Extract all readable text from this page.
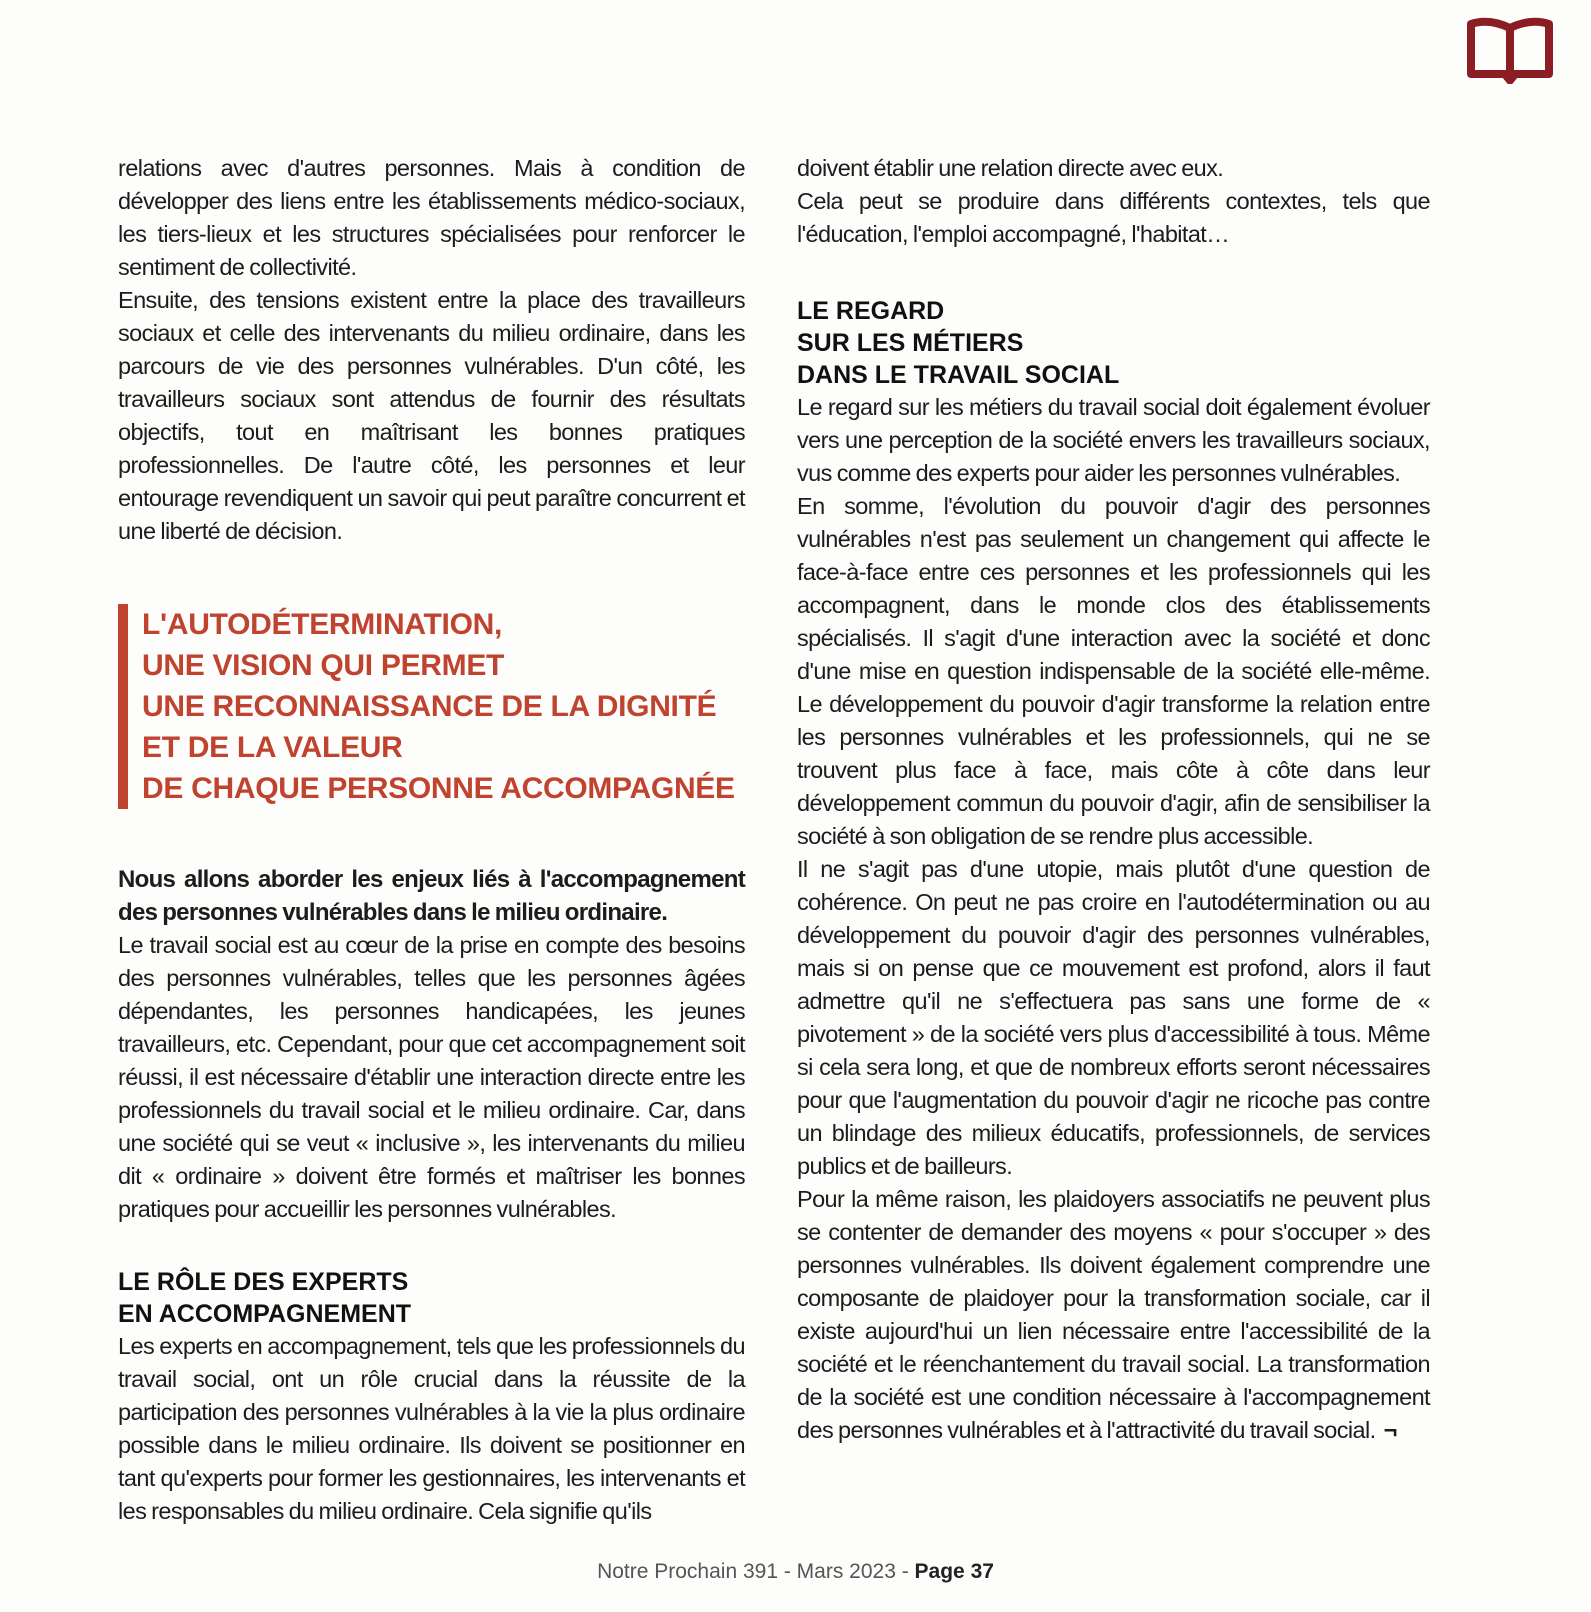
relations avec d'autres personnes. Mais à condition de développer des liens entre les établissements médico-sociaux, les tiers-lieux et les structures spécialisées pour renforcer le sentiment de collectivité.

Ensuite, des tensions existent entre la place des travailleurs sociaux et celle des intervenants du milieu ordinaire, dans les parcours de vie des personnes vulnérables. D'un côté, les travailleurs sociaux sont attendus de fournir des résultats objectifs, tout en maîtrisant les bonnes pratiques professionnelles. De l'autre côté, les personnes et leur entourage revendiquent un savoir qui peut paraître concurrent et une liberté de décision.

L'AUTODÉTERMINATION,
UNE VISION QUI PERMET
UNE RECONNAISSANCE DE LA DIGNITÉ
ET DE LA VALEUR
DE CHAQUE PERSONNE ACCOMPAGNÉE

Nous allons aborder les enjeux liés à l'accompagnement des personnes vulnérables dans le milieu ordinaire.

Le travail social est au cœur de la prise en compte des besoins des personnes vulnérables, telles que les personnes âgées dépendantes, les personnes handicapées, les jeunes travailleurs, etc. Cependant, pour que cet accompagnement soit réussi, il est nécessaire d'établir une interaction directe entre les professionnels du travail social et le milieu ordinaire. Car, dans une société qui se veut « inclusive », les intervenants du milieu dit « ordinaire » doivent être formés et maîtriser les bonnes pratiques pour accueillir les personnes vulnérables.

LE RÔLE DES EXPERTS
EN ACCOMPAGNEMENT

Les experts en accompagnement, tels que les professionnels du travail social, ont un rôle crucial dans la réussite de la participation des personnes vulnérables à la vie la plus ordinaire possible dans le milieu ordinaire. Ils doivent se positionner en tant qu'experts pour former les gestionnaires, les intervenants et les responsables du milieu ordinaire. Cela signifie qu'ils

doivent établir une relation directe avec eux.

Cela peut se produire dans différents contextes, tels que l'éducation, l'emploi accompagné, l'habitat…

LE REGARD
SUR LES MÉTIERS
DANS LE TRAVAIL SOCIAL

Le regard sur les métiers du travail social doit également évoluer vers une perception de la société envers les travailleurs sociaux, vus comme des experts pour aider les personnes vulnérables.

En somme, l'évolution du pouvoir d'agir des personnes vulnérables n'est pas seulement un changement qui affecte le face-à-face entre ces personnes et les professionnels qui les accompagnent, dans le monde clos des établissements spécialisés. Il s'agit d'une interaction avec la société et donc d'une mise en question indispensable de la société elle-même. Le développement du pouvoir d'agir transforme la relation entre les personnes vulnérables et les professionnels, qui ne se trouvent plus face à face, mais côte à côte dans leur développement commun du pouvoir d'agir, afin de sensibiliser la société à son obligation de se rendre plus accessible.

Il ne s'agit pas d'une utopie, mais plutôt d'une question de cohérence. On peut ne pas croire en l'autodétermination ou au développement du pouvoir d'agir des personnes vulnérables, mais si on pense que ce mouvement est profond, alors il faut admettre qu'il ne s'effectuera pas sans une forme de « pivotement » de la société vers plus d'accessibilité à tous. Même si cela sera long, et que de nombreux efforts seront nécessaires pour que l'augmentation du pouvoir d'agir ne ricoche pas contre un blindage des milieux éducatifs, professionnels, de services publics et de bailleurs.

Pour la même raison, les plaidoyers associatifs ne peuvent plus se contenter de demander des moyens « pour s'occuper » des personnes vulnérables. Ils doivent également comprendre une composante de plaidoyer pour la transformation sociale, car il existe aujourd'hui un lien nécessaire entre l'accessibilité de la société et le réenchantement du travail social. La transformation de la société est une condition nécessaire à l'accompagnement des personnes vulnérables et à l'attractivité du travail social. ¬

Notre Prochain 391 - Mars 2023 - Page 37
